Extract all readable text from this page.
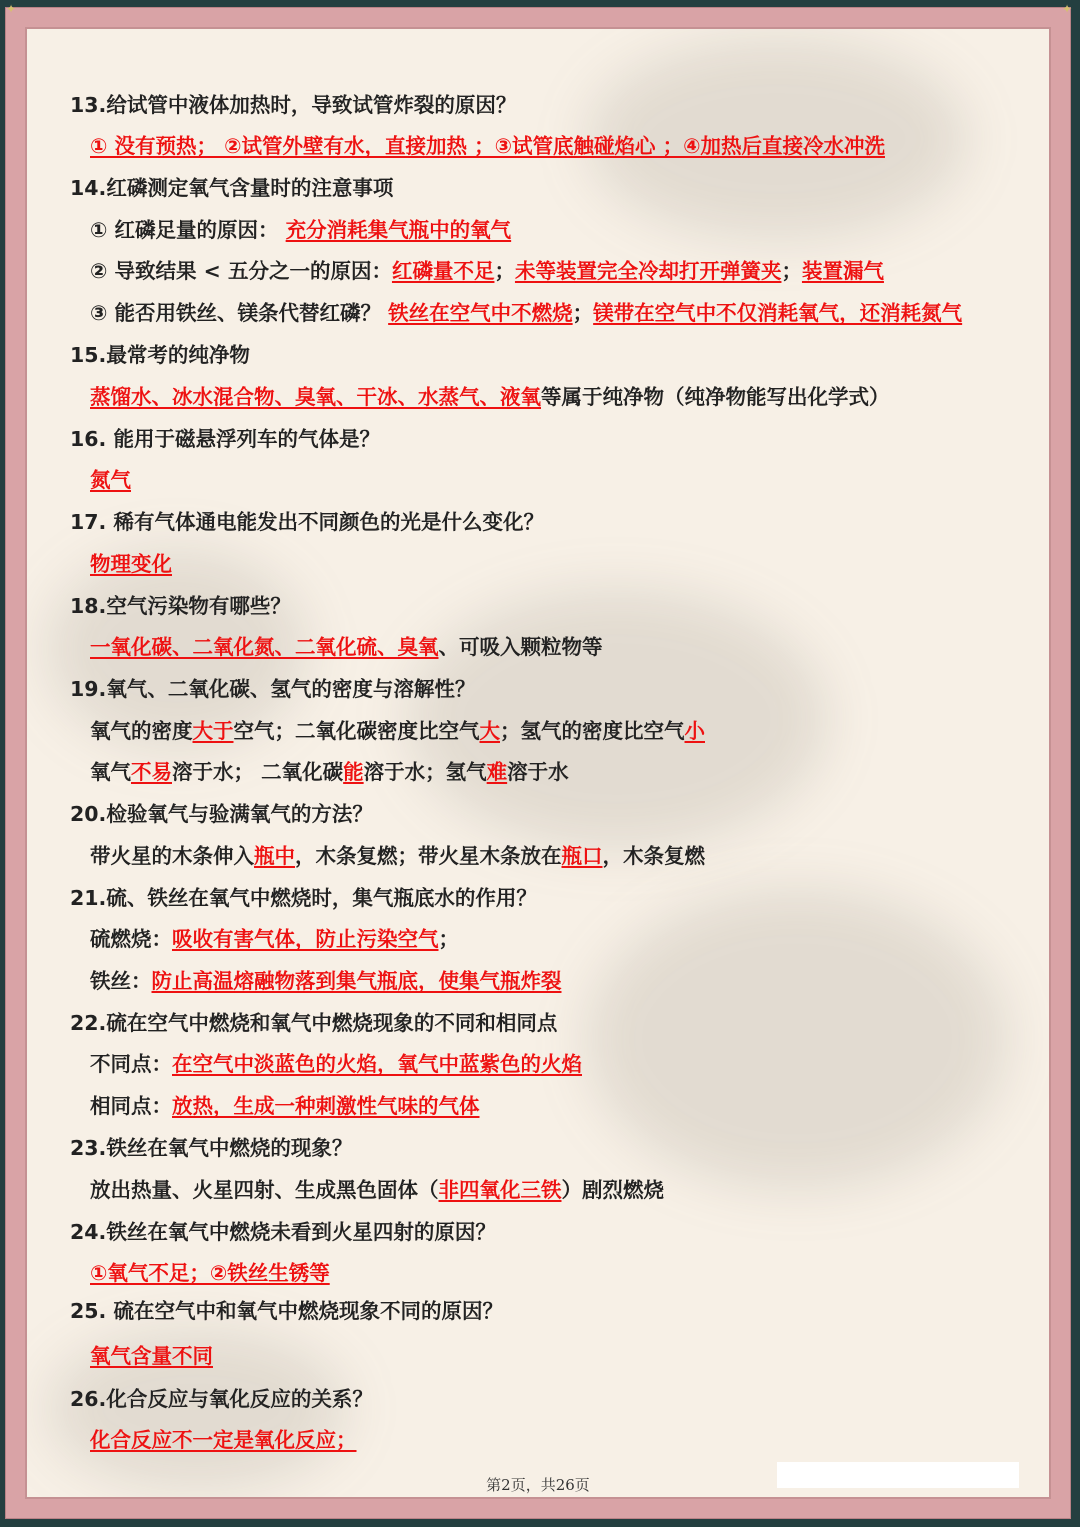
13.给试管中液体加热时，导致试管炸裂的原因？
① 没有预热； ②试管外壁有水，直接加热 ；③试管底触碰焰心 ；④加热后直接冷水冲洗
14.红磷测定氧气含量时的注意事项
① 红磷足量的原因： 充分消耗集气瓶中的氧气
② 导致结果 < 五分之一的原因：红磷量不足；未等装置完全冷却打开弹簧夹；装置漏气
③ 能否用铁丝、镁条代替红磷？ 铁丝在空气中不燃烧；镁带在空气中不仅消耗氧气，还消耗氮气
15.最常考的纯净物
蒸馏水、冰水混合物、臭氧、干冰、水蒸气、液氧等属于纯净物（纯净物能写出化学式）
16. 能用于磁悬浮列车的气体是？
氮气
17. 稀有气体通电能发出不同颜色的光是什么变化？
物理变化
18.空气污染物有哪些？
一氧化碳、二氧化氮、二氧化硫、臭氧、可吸入颗粒物等
19.氧气、二氧化碳、氢气的密度与溶解性？
氧气的密度大于空气；二氧化碳密度比空气大；氢气的密度比空气小
氧气不易溶于水； 二氧化碳能溶于水；氢气难溶于水
20.检验氧气与验满氧气的方法？
带火星的木条伸入瓶中，木条复燃；带火星木条放在瓶口，木条复燃
21.硫、铁丝在氧气中燃烧时，集气瓶底水的作用？
硫燃烧：吸收有害气体，防止污染空气；
铁丝：防止高温熔融物落到集气瓶底，使集气瓶炸裂
22.硫在空气中燃烧和氧气中燃烧现象的不同和相同点
不同点：在空气中淡蓝色的火焰，氧气中蓝紫色的火焰
相同点：放热，生成一种刺激性气味的气体
23.铁丝在氧气中燃烧的现象？
放出热量、火星四射、生成黑色固体（非四氧化三铁）剧烈燃烧
24.铁丝在氧气中燃烧未看到火星四射的原因？
①氧气不足；②铁丝生锈等
25. 硫在空气中和氧气中燃烧现象不同的原因？
氧气含量不同
26.化合反应与氧化反应的关系？
化合反应不一定是氧化反应；
第2页，共26页
✦	✦
